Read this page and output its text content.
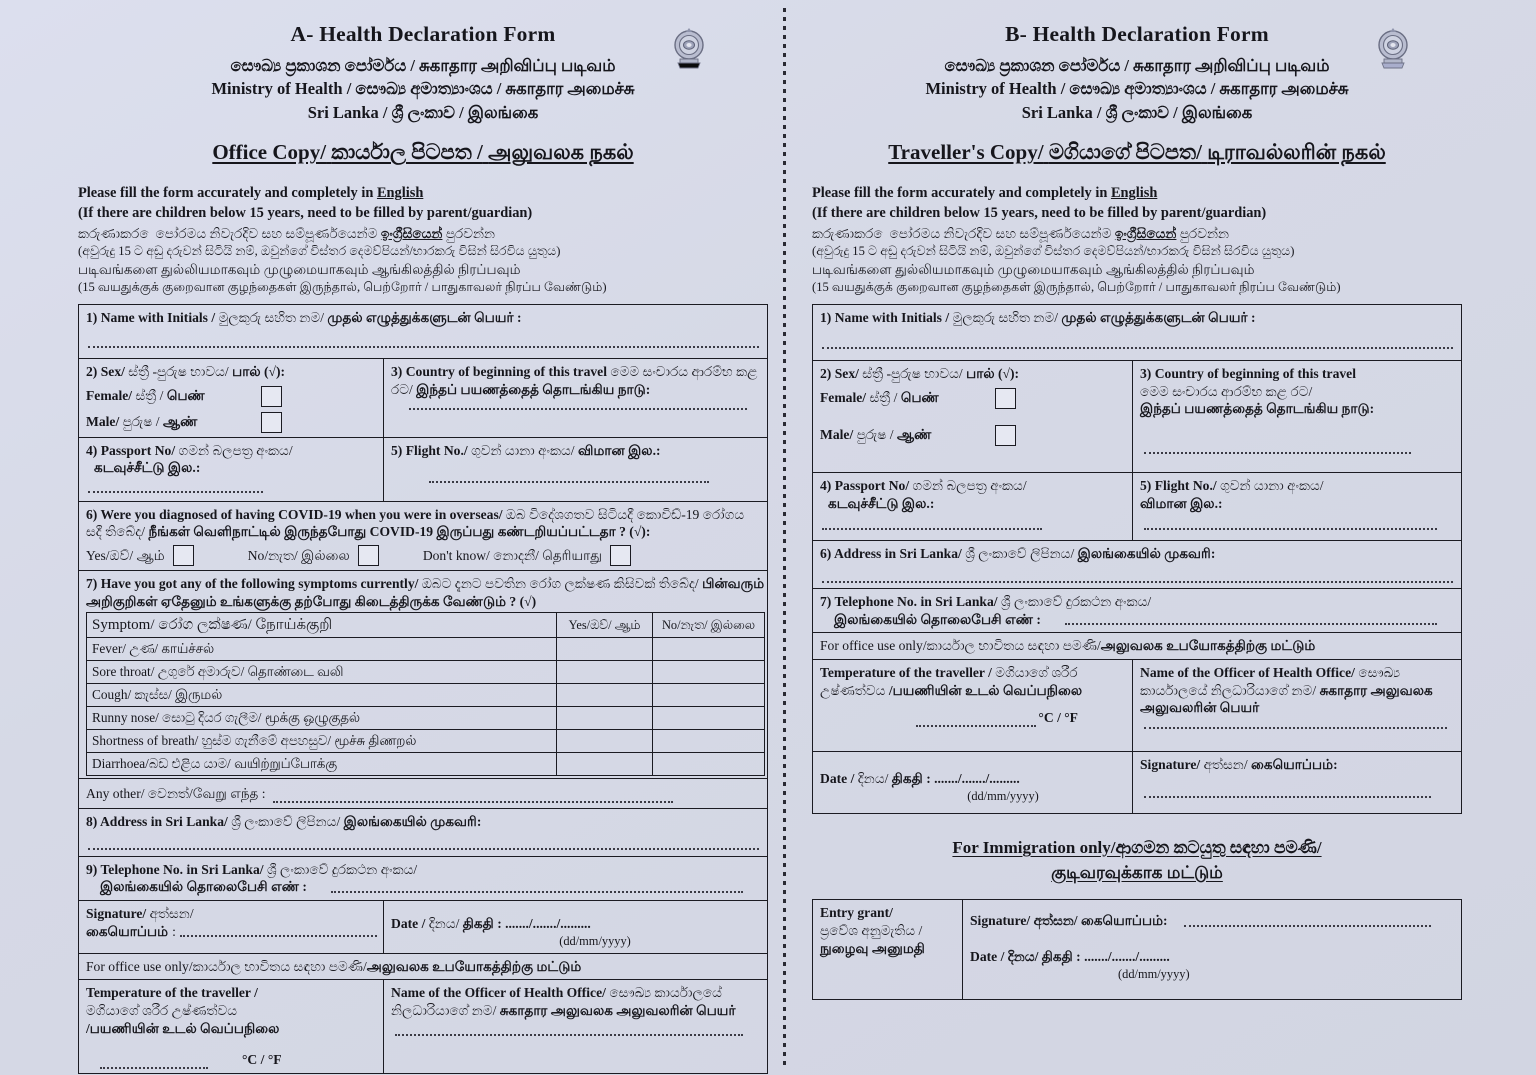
A- Health Declaration Form
සෞඛ්‍ය ප්‍රකාශන පෝර්මය / சுகாதார அறிவிப்பு படிவம்
Ministry of Health / සෞඛ්‍ය අමාත්‍යාංශය / சுகாதார அமைச்சு
Sri Lanka / ශ්‍රී ලංකාව / இலங்கை
Office Copy/ කාර්යාල පිටපත / அலுவலக நகல்
Please fill the form accurately and completely in English
(If there are children below 15 years, need to be filled by parent/guardian)
කරුණාකර ෙපෝරමය නිවැරදිව සහ සම්පූර්ණයෙන්ම ඉංග්‍රීසියෙන් පුරවන්න
(අවුරුදු 15 ට අඩු දරුවන් සිටියි නම්, ඔවුන්ගේ විස්තර දෙමව්පියන්/භාරකරු විසින් සිරවිය යුතුය)
படிவங்களை துல்லியமாகவும் முழுமையாகவும் ஆங்கிலத்தில் நிரப்பவும்
(15 வயதுக்குக் குறைவான குழந்தைகள் இருந்தால், பெற்றோர் / பாதுகாவலர் நிரப்ப வேண்டும்)
1) Name with Initials / මුලකුරු සහිත නම/ முதல் எழுத்துக்களுடன் பெயர் :

2) Sex/ ස්ත්‍රී -පුරුෂ භාවය/ பால் (√):
Female/ ස්ත්‍රී / பெண்
Male/ පුරුෂ / ஆண்
	3) Country of beginning of this travel මෙම සංචාරය ආරම්භ කළ රට/ இந்தப் பயணத்தைத் தொடங்கிய நாடு:

4) Passport No/ ගමන් බලපත්‍ර අංකය/
கடவுச்சீட்டு இல.:
	5) Flight No./ ගුවන් යානා අංකය/ விமான இல.:

6) Were you diagnosed of having COVID-19 when you were in overseas/ ඔබ විදේශගතව සිටියදී කොවිඩ්-19 රෝගය සදී තිබේද/ நீங்கள் வெளிநாட்டில் இருந்தபோது COVID-19 இருப்பது கண்டறியப்பட்டதா ? (√):
Yes/ඔව්/ ஆம்	No/නැත/ இல்லை	Don't know/ නොදනී/ தெரியாது

7) Have you got any of the following symptoms currently/ ඔබට දැනට පවතින රෝග ලක්ෂණ කිසිවක් තිබේද/ பின்வரும் அறிகுறிகள் ஏதேனும் உங்களுக்கு தற்போது கிடைத்திருக்க வேண்டும் ? (√)
Symptom/ රෝග ලක්ෂණ/ நோய்க்குறி	Yes/ඔව්/ ஆம்	No/නැත/ இல்லை
Fever/ උණ/ காய்ச்சல்		
Sore throat/ උගුරේ අමාරුව/ தொண்டை வலி		
Cough/ කැස්ස/ இருமல்		
Runny nose/ සොටු දියර ගැලීම/ மூக்கு ஒழுகுதல்		
Shortness of breath/ හුස්ම ගැනීමේ අපහසුව/ மூச்சு திணறல்		
Diarrhoea/බඩ එළිය යාම/ வயிற்றுப்போக்கு		

Any other/ වෙනත්/வேறு எந்த :
8) Address in Sri Lanka/ ශ්‍රී ලංකාවේ ලිපිනය/ இலங்கையில் முகவரி:

9) Telephone No. in Sri Lanka/ ශ්‍රී ලංකාවේ දුරකථන අංකය/
இலங்கையில் தொலைபேசி எண் :

Signature/ අත්සන/
கையொப்பம் :

Date / දිනය/ திகதி : ......./......./.........
(dd/mm/yyyy)

For office use only/කාර්යාල භාවිතය සඳහා පමණි/அலுவலக உபயோகத்திற்கு மட்டும்

Temperature of the traveller /
මගියාගේ ශරීර උෂ්ණත්වය
/பயணியின் உடல் வெப்பநிலை
°C / °F
	Name of the Officer of Health Office/ සෞඛ්‍ය කාර්යාලයේ නිලධාරියාගේ නම/ சுகாதார அலுவலக அலுவலரின் பெயர்
B- Health Declaration Form
සෞඛ්‍ය ප්‍රකාශන පෝර්මය / சுகாதார அறிவிப்பு படிவம்
Ministry of Health / සෞඛ්‍ය අමාත්‍යාංශය / சுகாதார அமைச்சு
Sri Lanka / ශ්‍රී ලංකාව / இலங்கை
Traveller's Copy/ මගියාගේ පිටපත/ டிராவல்லரின் நகல்
Please fill the form accurately and completely in English
(If there are children below 15 years, need to be filled by parent/guardian)
කරුණාකර ෙපෝරමය නිවැරදිව සහ සම්පූර්ණයෙන්ම ඉංග්‍රීසියෙන් පුරවන්න
(අවුරුදු 15 ට අඩු දරුවන් සිටියි නම්, ඔවුන්ගේ විස්තර දෙමව්පියන්/භාරකරු විසින් සිරවිය යුතුය)
படிவங்களை துல்லியமாகவும் முழுமையாகவும் ஆங்கிலத்தில் நிரப்பவும்
(15 வயதுக்குக் குறைவான குழந்தைகள் இருந்தால், பெற்றோர் / பாதுகாவலர் நிரப்ப வேண்டும்)
1) Name with Initials / මුලකුරු සහිත නම/ முதல் எழுத்துக்களுடன் பெயர் :	

2) Sex/ ස්ත්‍රී -පුරුෂ භාවය/ பால் (√):
Female/ ස්ත්‍රී / பெண்
Male/ පුරුෂ / ஆண்

3) Country of beginning of this travel
මෙම සංචාරය ආරම්භ කළ රට/
இந்தப் பயணத்தைத் தொடங்கிய நாடு:

4) Passport No/ ගමන් බලපත්‍ර අංකය/
கடவுச்சீட்டு இல.:	5) Flight No./ ගුවන් යානා අංකය/
விமான இல.:

6) Address in Sri Lanka/ ශ්‍රී ලංකාවේ ලිපිනය/ இலங்கையில் முகவரி:	

7) Telephone No. in Sri Lanka/ ශ්‍රී ලංකාවේ දුරකථන අංකය/
இலங்கையில் தொலைபேசி எண் :	

For office use only/කාර්යාල භාවිතය සඳහා පමණි/அலுவலக உபயோகத்திற்கு மட்டும்	
Temperature of the traveller / මගියාගේ ශරීර උෂ්ණත්වය /பயணியின் உடல் வெப்பநிலை
°C / °F	Name of the Officer of Health Office/ සෞඛ්‍ය කාර්යාලයේ නිලධාරියාගේ නම/ சுகாதார அலுவலக அலுவலரின் பெயர்

Date / දිනය/ திகதி : ......./......./.........
(dd/mm/yyyy)	Signature/ අත්සන/ கையொப்பம்:
For Immigration only/ආගමන කටයුතු සඳහා පමණි/
குடிவரவுக்காக மட்டும்
Entry grant/
ප්‍රවේශ අනුමැතිය /
நுழைவு அனுமதி

Signature/ අත්සන/ கையொப்பம்:
Date / දිනය/ திகதி : ......./......./.........
(dd/mm/yyyy)
